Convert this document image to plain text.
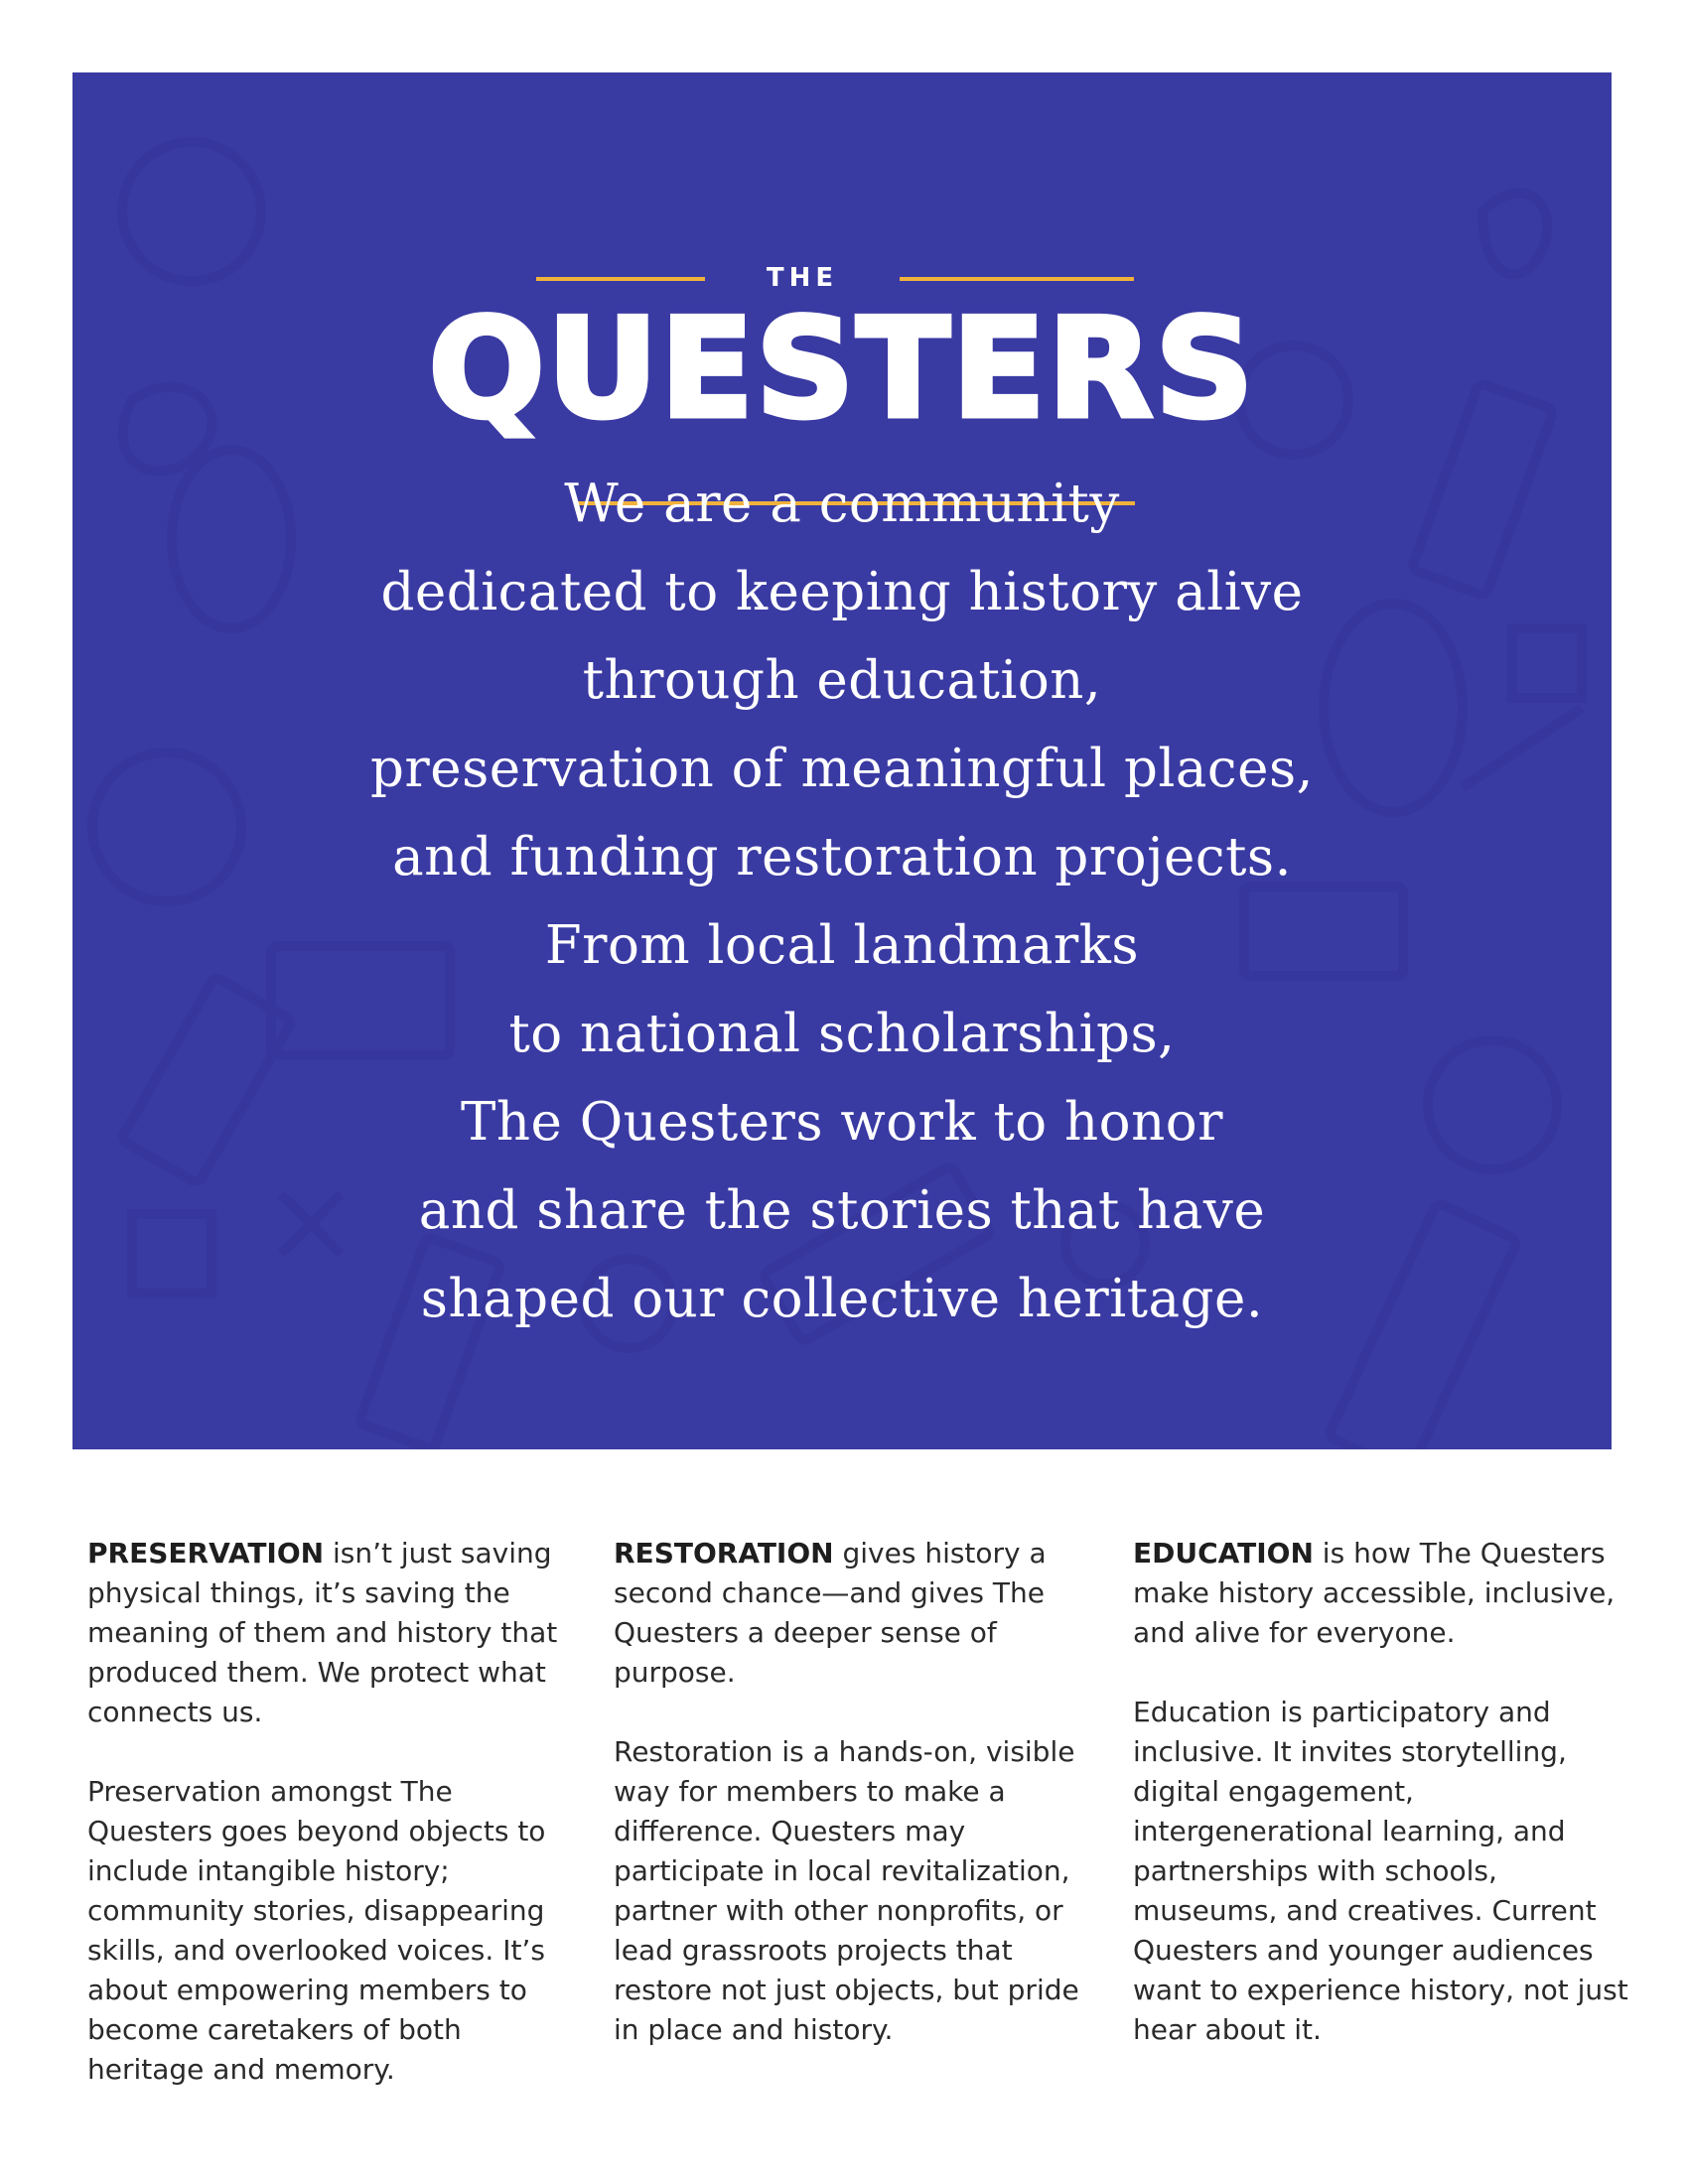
THE
QUESTERS
We are a community
dedicated to keeping history alive
through education,
preservation of meaningful places,
and funding restoration projects.
From local landmarks
to national scholarships,
The Questers work to honor
and share the stories that have
shaped our collective heritage.

PRESERVATION isn’t just saving physical things, it’s saving the meaning of them and history that produced them. We protect what connects us.

Preservation amongst The Questers goes beyond objects to include intangible history; community stories, disappearing skills, and overlooked voices. It’s about empowering members to become caretakers of both heritage and memory.

RESTORATION gives history a second chance—and gives The Questers a deeper sense of purpose.

Restoration is a hands-on, visible way for members to make a difference. Questers may participate in local revitalization, partner with other nonprofits, or lead grassroots projects that restore not just objects, but pride in place and history.

EDUCATION is how The Questers make history accessible, inclusive, and alive for everyone.

Education is participatory and inclusive. It invites storytelling, digital engagement, intergenerational learning, and partnerships with schools, museums, and creatives. Current Questers and younger audiences want to experience history, not just hear about it.
